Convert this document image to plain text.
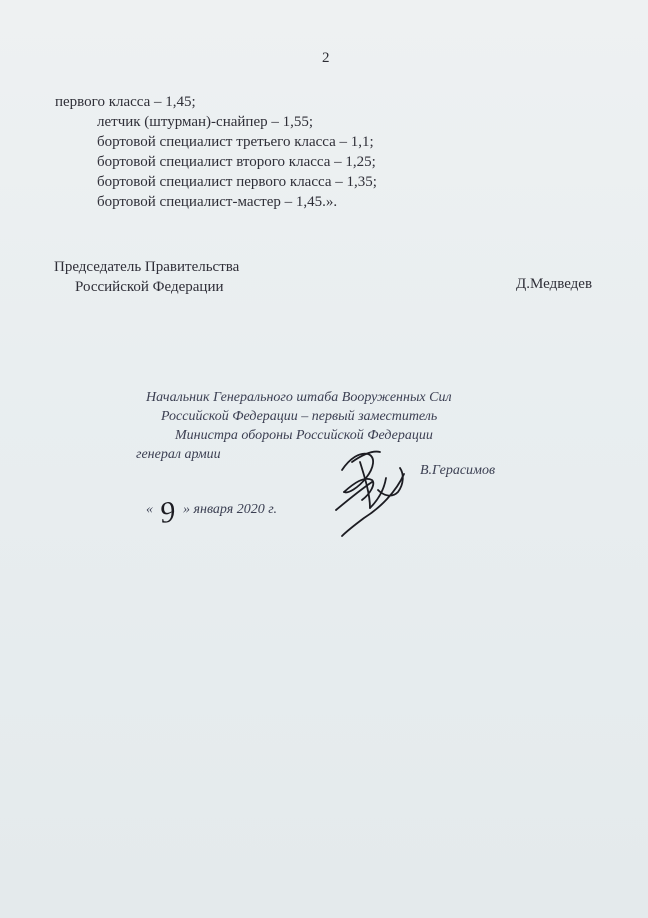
2
первого класса – 1,45;
летчик (штурман)-снайпер – 1,55;
бортовой специалист третьего класса – 1,1;
бортовой специалист второго класса – 1,25;
бортовой специалист первого класса – 1,35;
бортовой специалист-мастер – 1,45.».
Председатель Правительства
Российской Федерации	Д.Медведев
Начальник Генерального штаба Вооруженных Сил
Российской Федерации – первый заместитель
Министра обороны Российской Федерации
генерал армии
В.Герасимов
« 9 » января 2020 г.
